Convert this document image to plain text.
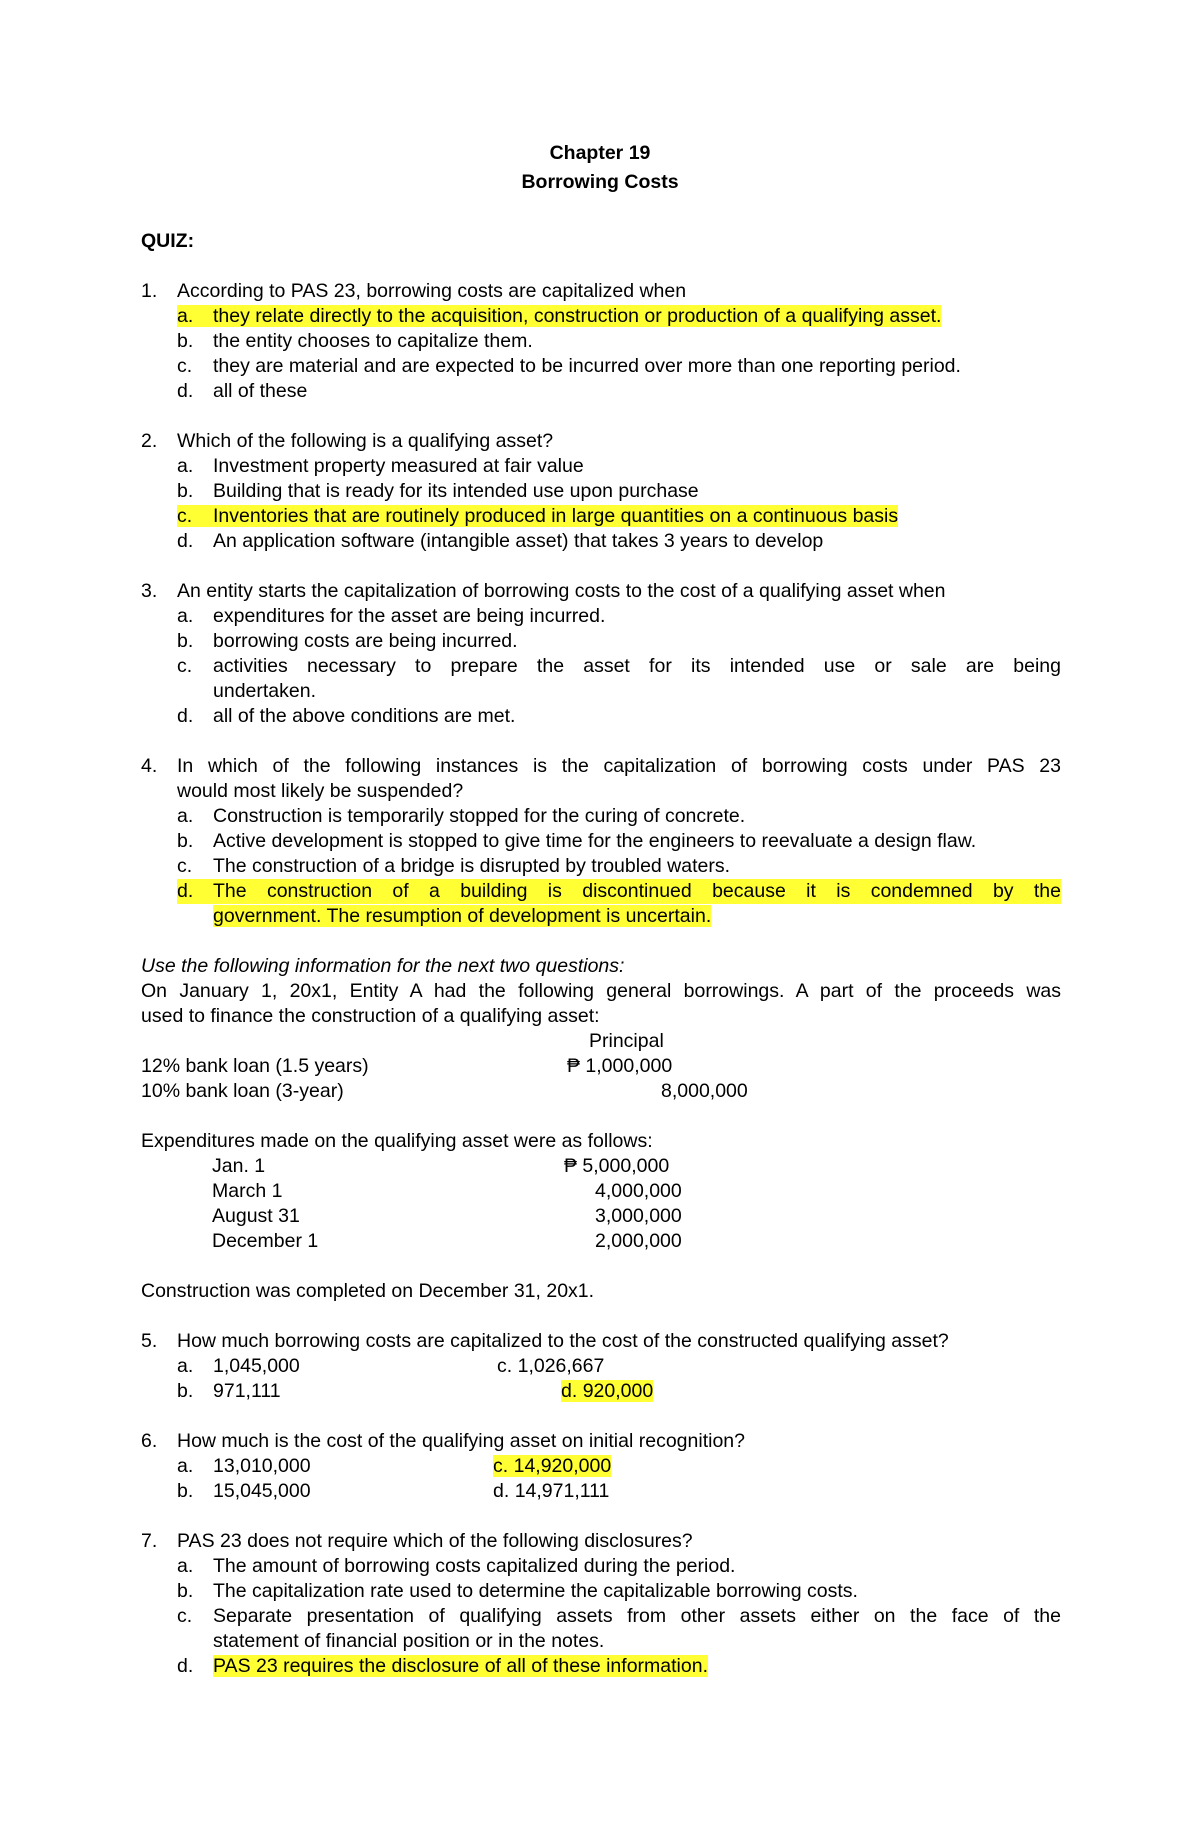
Chapter 19
Borrowing Costs
QUIZ:
1. According to PAS 23, borrowing costs are capitalized when
a. they relate directly to the acquisition, construction or production of a qualifying asset.
b. the entity chooses to capitalize them.
c. they are material and are expected to be incurred over more than one reporting period.
d. all of these
2. Which of the following is a qualifying asset?
a. Investment property measured at fair value
b. Building that is ready for its intended use upon purchase
c. Inventories that are routinely produced in large quantities on a continuous basis
d. An application software (intangible asset) that takes 3 years to develop
3. An entity starts the capitalization of borrowing costs to the cost of a qualifying asset when
a. expenditures for the asset are being incurred.
b. borrowing costs are being incurred.
c.	activities necessary to prepare the asset for its intended use or sale are being
undertaken.
d. all of the above conditions are met.
4.	In which of the following instances is the capitalization of borrowing costs under PAS 23
would most likely be suspended?
a. Construction is temporarily stopped for the curing of concrete.
b. Active development is stopped to give time for the engineers to reevaluate a design flaw.
c. The construction of a bridge is disrupted by troubled waters.
d.	The construction of a building is discontinued because it is condemned by the
government. The resumption of development is uncertain.
Use the following information for the next two questions:
On January 1, 20x1, Entity A had the following general borrowings. A part of the proceeds was
used to finance the construction of a qualifying asset:
Principal
12% bank loan (1.5 years)	₱ 1,000,000
10% bank loan (3-year)	8,000,000
Expenditures made on the qualifying asset were as follows:
Jan. 1	₱ 5,000,000
March 1	4,000,000
August 31	3,000,000
December 1	2,000,000
Construction was completed on December 31, 20x1.
5. How much borrowing costs are capitalized to the cost of the constructed qualifying asset?
a. 1,045,000	c. 1,026,667
b. 971,111	d. 920,000
6. How much is the cost of the qualifying asset on initial recognition?
a. 13,010,000	c. 14,920,000
b. 15,045,000	d. 14,971,111
7. PAS 23 does not require which of the following disclosures?
a. The amount of borrowing costs capitalized during the period.
b. The capitalization rate used to determine the capitalizable borrowing costs.
c.	Separate presentation of qualifying assets from other assets either on the face of the
statement of financial position or in the notes.
d. PAS 23 requires the disclosure of all of these information.
